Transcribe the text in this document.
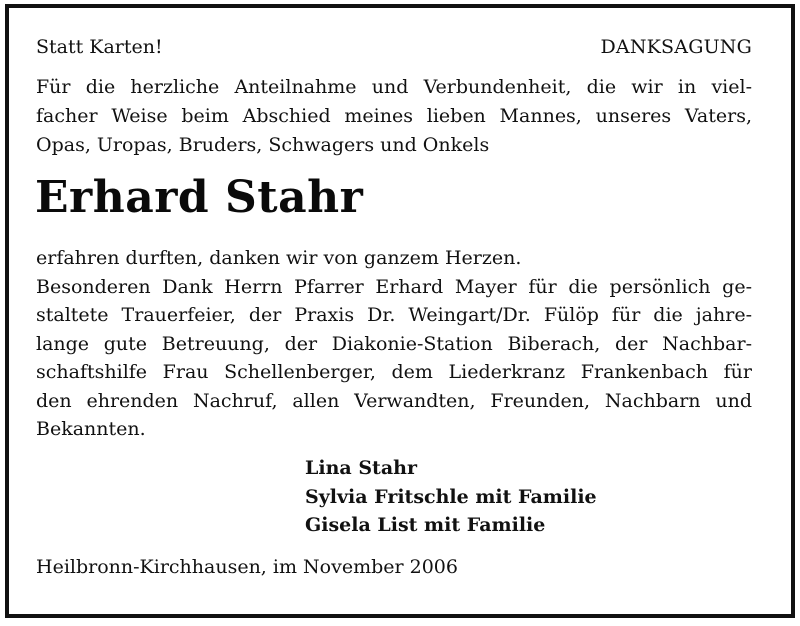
Statt Karten!	DANKSAGUNG
Für die herzliche Anteilnahme und Verbundenheit, die wir in viel-
facher Weise beim Abschied meines lieben Mannes, unseres Vaters,
Opas, Uropas, Bruders, Schwagers und Onkels
Erhard Stahr
erfahren durften, danken wir von ganzem Herzen.
Besonderen Dank Herrn Pfarrer Erhard Mayer für die persönlich ge-
staltete Trauerfeier, der Praxis Dr. Weingart/Dr. Fülöp für die jahre-
lange gute Betreuung, der Diakonie-Station Biberach, der Nachbar-
schaftshilfe Frau Schellenberger, dem Liederkranz Frankenbach für
den ehrenden Nachruf, allen Verwandten, Freunden, Nachbarn und
Bekannten.
Lina Stahr
Sylvia Fritschle mit Familie
Gisela List mit Familie
Heilbronn-Kirchhausen, im November 2006
